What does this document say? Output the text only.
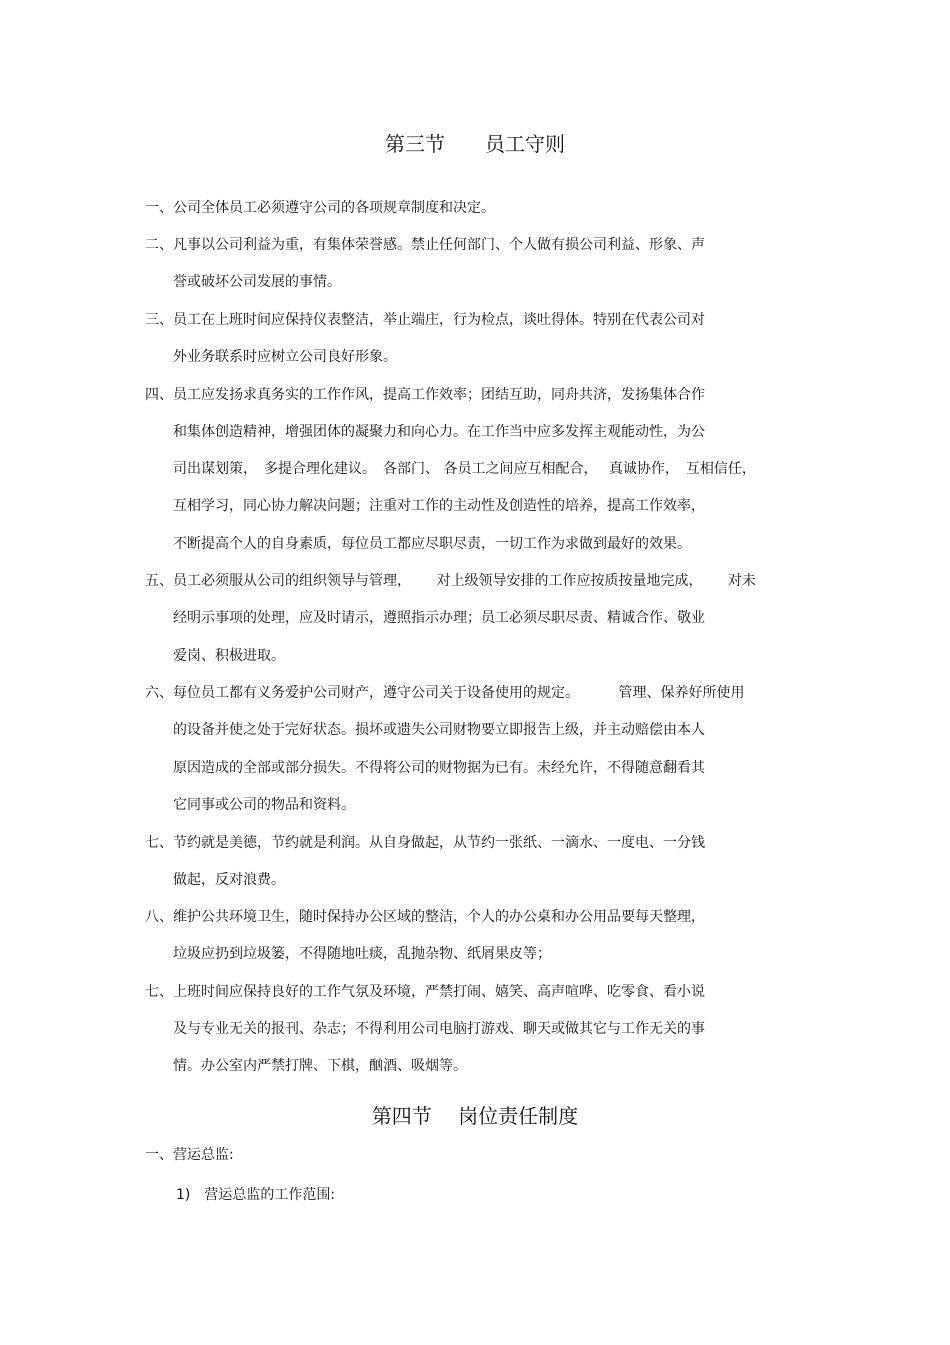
第三节　　员工守则
一、公司全体员工必须遵守公司的各项规章制度和决定。
二、凡事以公司利益为重，有集体荣誉感。禁止任何部门、个人做有损公司利益、形象、声
誉或破坏公司发展的事情。
三、员工在上班时间应保持仪表整洁，举止端庄，行为检点，谈吐得体。特别在代表公司对
外业务联系时应树立公司良好形象。
四、员工应发扬求真务实的工作作风，提高工作效率；团结互助，同舟共济，发扬集体合作
和集体创造精神，增强团体的凝聚力和向心力。在工作当中应多发挥主观能动性，为公
司出谋划策，　多提合理化建议。　各部门、 各员工之间应互相配合，　 真诚协作，　互相信任，
互相学习，同心协力解决问题；注重对工作的主动性及创造性的培养，提高工作效率，
不断提高个人的自身素质，每位员工都应尽职尽责，一切工作为求做到最好的效果。
五、员工必须服从公司的组织领导与管理，　　 对上级领导安排的工作应按质按量地完成，　　 对未
经明示事项的处理，应及时请示，遵照指示办理；员工必须尽职尽责、精诚合作、敬业
爱岗、积极进取。
六、每位员工都有义务爱护公司财产，遵守公司关于设备使用的规定。　　　 管理、保养好所使用
的设备并使之处于完好状态。损坏或遗失公司财物要立即报告上级，并主动赔偿由本人
原因造成的全部或部分损失。不得将公司的财物据为已有。未经允许，不得随意翻看其
它同事或公司的物品和资料。
七、节约就是美德，节约就是利润。从自身做起，从节约一张纸、一滴水、一度电、一分钱
做起，反对浪费。
八、维护公共环境卫生，随时保持办公区域的整洁，个人的办公桌和办公用品要每天整理，
垃圾应扔到垃圾篓，不得随地吐痰，乱抛杂物、纸屑果皮等；
七、上班时间应保持良好的工作气氛及环境，严禁打闹、嬉笑、高声喧哗、吃零食、看小说
及与专业无关的报刊、杂志；不得利用公司电脑打游戏、聊天或做其它与工作无关的事
情。办公室内严禁打牌、下棋，酗酒、吸烟等。
第四节　 岗位责任制度
一、营运总监:
1)　营运总监的工作范围:
